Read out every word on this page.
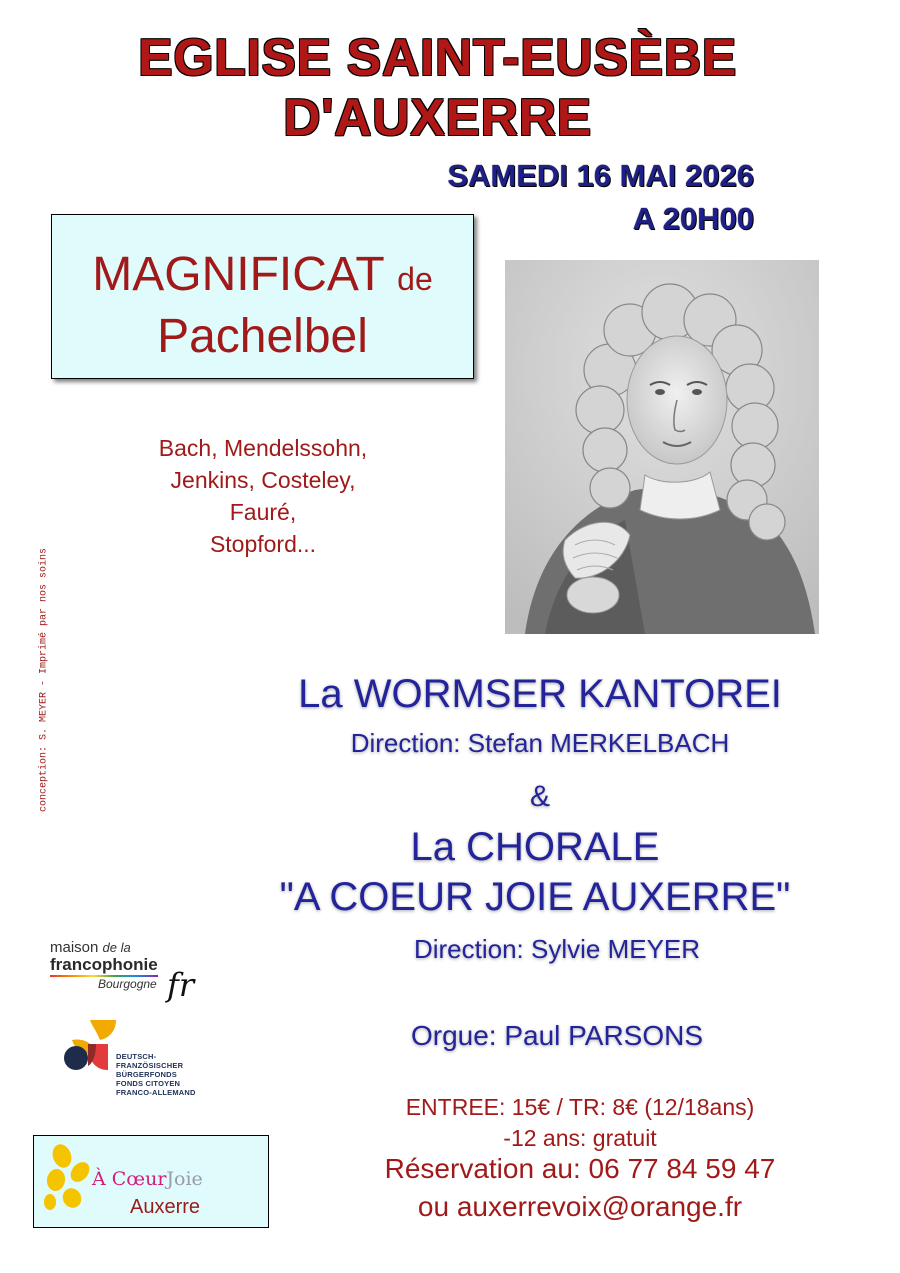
EGLISE SAINT-EUSÈBE
D'AUXERRE
SAMEDI 16 MAI 2026
A 20H00
MAGNIFICAT de
Pachelbel
Bach, Mendelssohn,
Jenkins, Costeley,
Fauré,
Stopford...
conception: S. MEYER - Imprimé par nos soins	La WORMSER KANTOREI
Direction: Stefan MERKELBACH
&
La CHORALE
"A COEUR JOIE AUXERRE"
Direction: Sylvie MEYER
Orgue: Paul PARSONS
ENTREE: 15€ / TR: 8€ (12/18ans)
-12 ans: gratuit
Réservation au: 06 77 84 59 47
ou auxerrevoix@orange.fr
maison de la
francophonie
Bourgogne fr
DEUTSCH-
FRANZÖSISCHER
BÜRGERFONDS
FONDS CITOYEN
FRANCO-ALLEMAND
À CœurJoie
Auxerre
